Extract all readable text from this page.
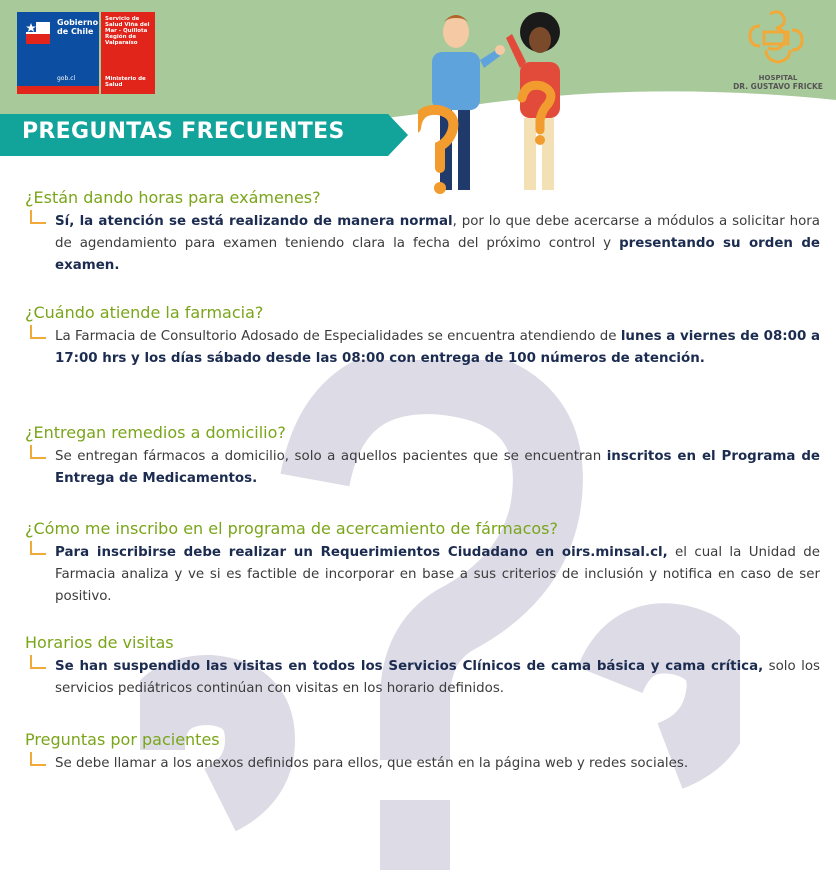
Gobierno de Chile
gob.cl
Servicio de Salud Viña del Mar - Quillota Región de Valparaíso
Ministerio de Salud
HOSPITAL
DR. GUSTAVO FRICKE
PREGUNTAS FRECUENTES
¿Están dando horas para exámenes?
Sí, la atención se está realizando de manera normal, por lo que debe acercarse a módulos a solicitar hora de agendamiento para examen teniendo clara la fecha del próximo control y presentando su orden de examen.
¿Cuándo atiende la farmacia?
La Farmacia de Consultorio Adosado de Especialidades se encuentra atendiendo de lunes a viernes de 08:00 a 17:00 hrs y los días sábado desde las 08:00 con entrega de 100 números de atención.
¿Entregan remedios a domicilio?
Se entregan fármacos a domicilio, solo a aquellos pacientes que se encuentran inscritos en el Programa de Entrega de Medicamentos.
¿Cómo me inscribo en el programa de acercamiento de fármacos?
Para inscribirse debe realizar un Requerimientos Ciudadano en oirs.minsal.cl, el cual la Unidad de Farmacia analiza y ve si es factible de incorporar en base a sus criterios de inclusión y notifica en caso de ser positivo.
Horarios de visitas
Se han suspendido las visitas en todos los Servicios Clínicos de cama básica y cama crítica, solo los servicios pediátricos continúan con visitas en los horario definidos.
Preguntas por pacientes
Se debe llamar a los anexos definidos para ellos, que están en la página web y redes sociales.
